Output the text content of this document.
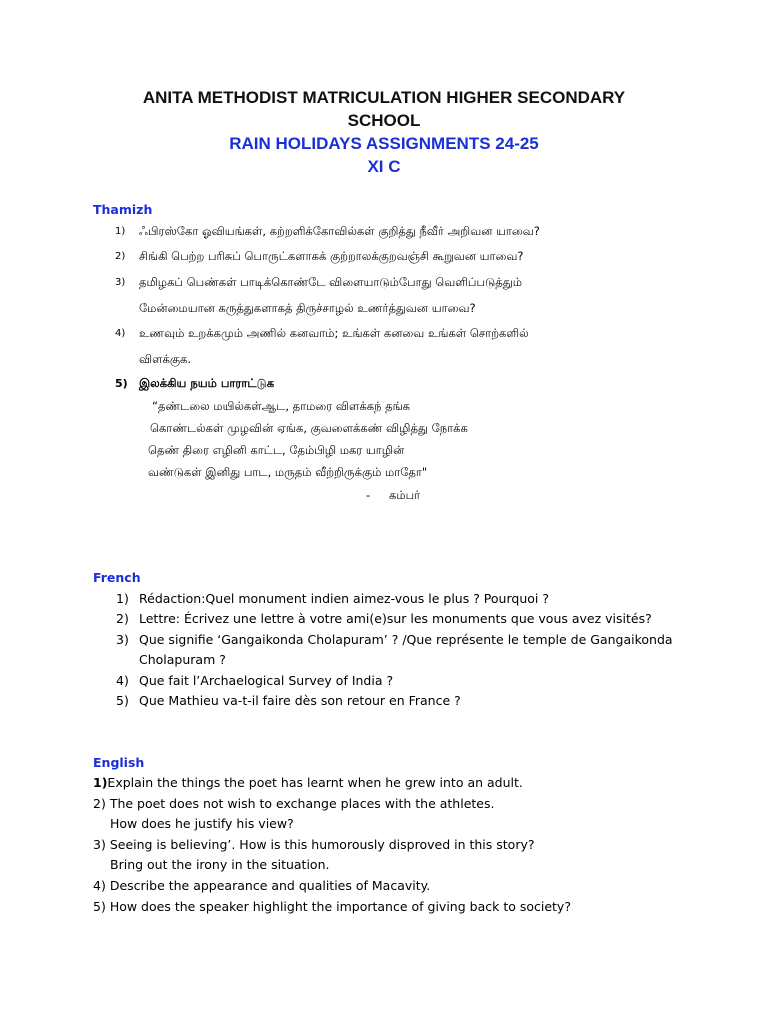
ANITA METHODIST MATRICULATION HIGHER SECONDARY
SCHOOL
RAIN HOLIDAYS ASSIGNMENTS 24-25
XI C
Thamizh
1) ஃபிரஸ்கோ ஓவியங்கள், கற்றளிக்கோவில்கள் குறித்து நீவீர் அறிவன யாவை?
2) சிங்கி பெற்ற பரிசுப் பொருட்களாகக் குற்றாலக்குறவஞ்சி கூறுவன யாவை?
3) தமிழகப் பெண்கள் பாடிக்கொண்டே விளையாடும்போது வெளிப்படுத்தும்
மேன்மையான கருத்துகளாகத் திருச்சாழல் உணர்த்துவன யாவை?
4) உணவும் உறக்கமும் அணில் கனவாம்; உங்கள் கனவை உங்கள் சொற்களில்
விளக்குக.
5) இலக்கிய நயம் பாராட்டுக
“தண்டலை மயில்கள்ஆட, தாமரை விளக்கந் தங்க
கொண்டல்கள் முழவின் ஏங்க, குவளைக்கண் விழித்து நோக்க
தெண் திரை எழினி காட்ட, தேம்பிழி மகர யாழின்
வண்டுகள் இனிது பாட, மருதம் வீற்றிருக்கும் மாதோ"
- கம்பர்
French
1) Rédaction:Quel monument indien aimez-vous le plus ? Pourquoi ?
2) Lettre: Écrivez une lettre à votre ami(e)sur les monuments que vous avez visités?
3) Que signifie ‘Gangaikonda Cholapuram’ ? /Que représente le temple de Gangaikonda
Cholapuram ?
4) Que fait l’Archaelogical Survey of India ?
5) Que Mathieu va-t-il faire dès son retour en France ?
English
1)Explain the things the poet has learnt when he grew into an adult.
2) The poet does not wish to exchange places with the athletes.
How does he justify his view?
3) Seeing is believing’. How is this humorously disproved in this story?
Bring out the irony in the situation.
4) Describe the appearance and qualities of Macavity.
5) How does the speaker highlight the importance of giving back to society?
